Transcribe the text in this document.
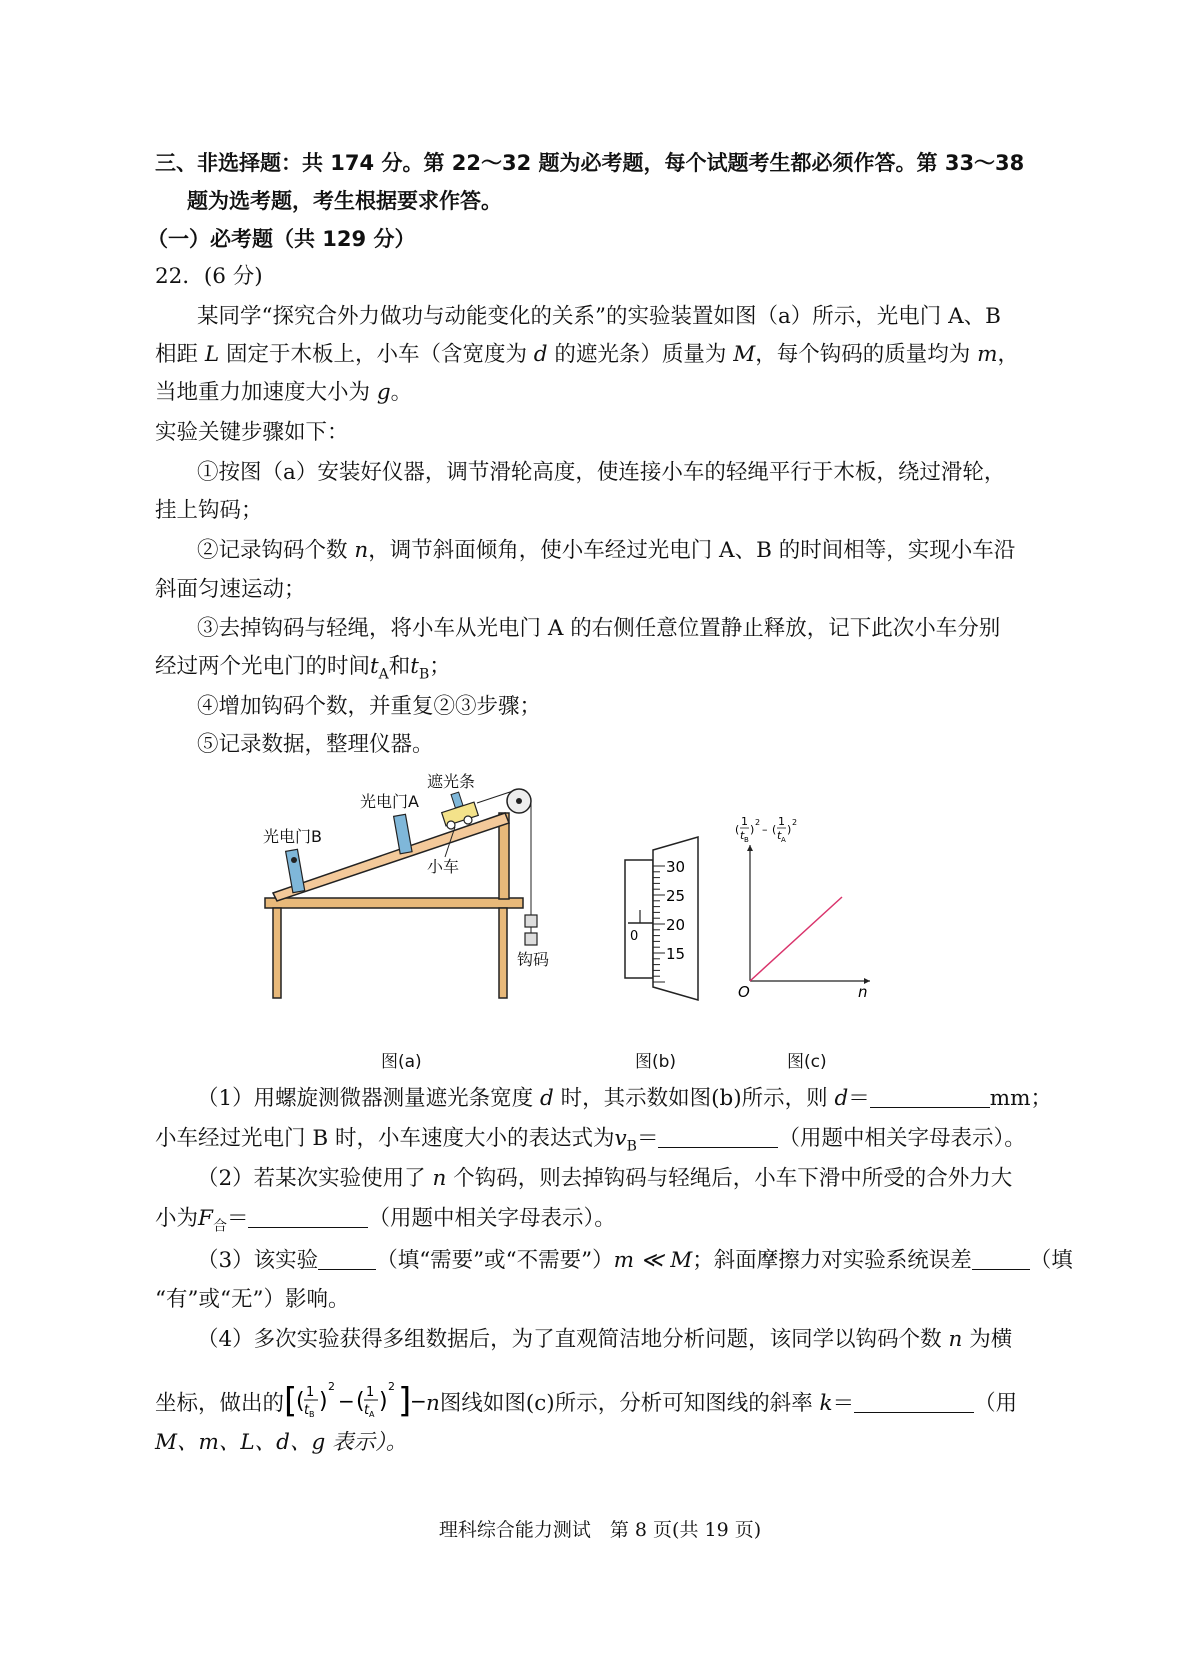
三、非选择题：共 174 分。第 22～32 题为必考题，每个试题考生都必须作答。第 33～38
题为选考题，考生根据要求作答。
（一）必考题（共 129 分）
22．(6 分)
某同学“探究合外力做功与动能变化的关系”的实验装置如图（a）所示，光电门 A、B
相距 L 固定于木板上，小车（含宽度为 d 的遮光条）质量为 M，每个钩码的质量均为 m，
当地重力加速度大小为 g。
实验关键步骤如下：
①按图（a）安装好仪器，调节滑轮高度，使连接小车的轻绳平行于木板，绕过滑轮，
挂上钩码；
②记录钩码个数 n，调节斜面倾角，使小车经过光电门 A、B 的时间相等，实现小车沿
斜面匀速运动；
③去掉钩码与轻绳，将小车从光电门 A 的右侧任意位置静止释放，记下此次小车分别
经过两个光电门的时间$t_A$和$t_B$；
④增加钩码个数，并重复②③步骤；
⑤记录数据，整理仪器。
遮光条
光电门A
光电门B
小车
钩码
图(a)
30
25
20
15
0
图(b)
O	n
(
1
t B
)
2
– (
1
t A
)
2
图(c)
（1）用螺旋测微器测量遮光条宽度 d 时，其示数如图(b)所示，则 d＝	mm；
小车经过光电门 B 时，小车速度大小的表达式为$v_B=$	（用题中相关字母表示）。
（2）若某次实验使用了 n 个钩码，则去掉钩码与轻绳后，小车下滑中所受的合外力大
小为$F_合=$	（用题中相关字母表示）。
（3）该实验	（填“需要”或“不需要”）m ≪ M；斜面摩擦力对实验系统误差	（填
“有”或“无”）影响。
（4）多次实验获得多组数据后，为了直观简洁地分析问题，该同学以钩码个数 n 为横
坐标，做出的 [
( 1
t B
)
2
− ( 1
t A
)
2 ]
− n图线如图(c)所示，分析可知图线的斜率 k＝	（用
M、m、L、d、g 表示）。
理科综合能力测试　第 8 页(共 19 页)
